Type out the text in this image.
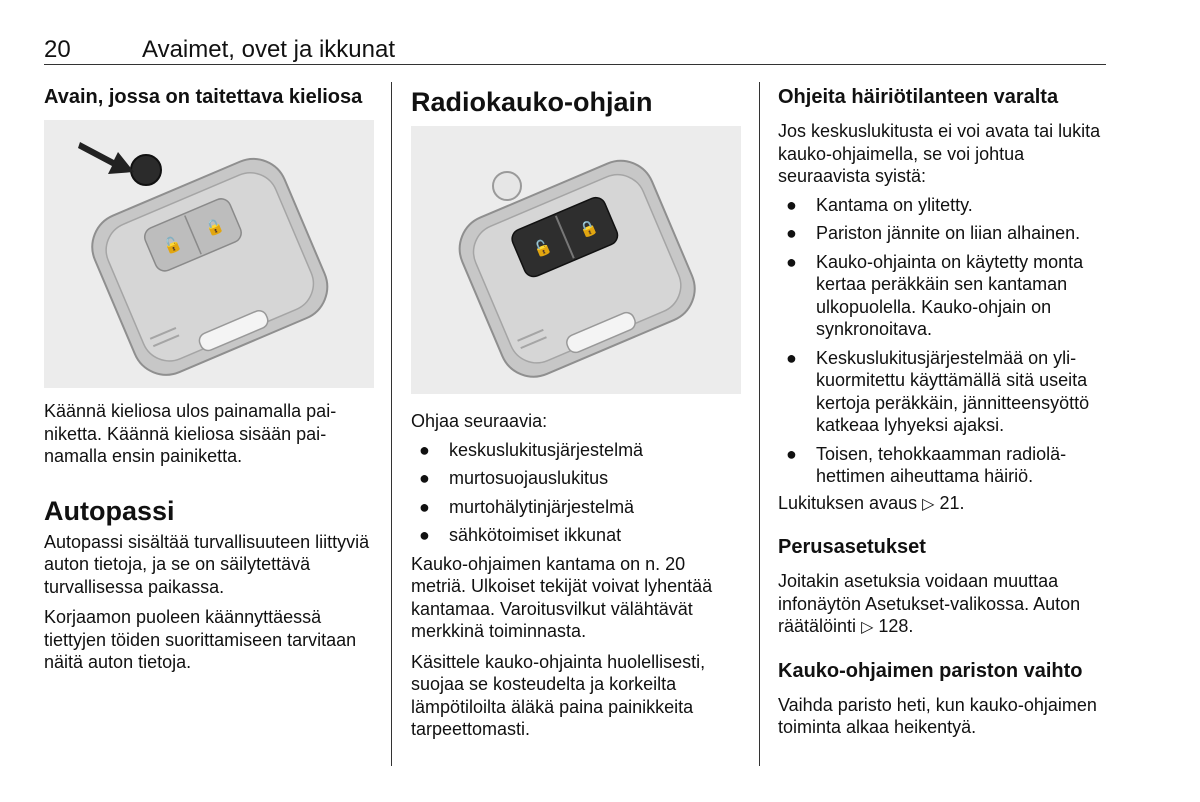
20	Avaimet, ovet ja ikkunat
Avain, jossa on taitettava kieliosa
🔓
🔒

Käännä kieliosa ulos painamalla painiketta. Käännä kieliosa sisään painamalla ensin painiketta.

Autopassi

Autopassi sisältää turvallisuuteen liittyviä auton tietoja, ja se on säilytettävä turvallisessa paikassa.

Korjaamon puoleen käännyttäessä tiettyjen töiden suorittamiseen tarvitaan näitä auton tietoja.

Radiokauko-ohjain
🔓
🔒

Ohjaa seuraavia:

● keskuslukitusjärjestelmä
● murtosuojauslukitus
● murtohälytinjärjestelmä
● sähkötoimiset ikkunat

Kauko-ohjaimen kantama on n. 20 metriä. Ulkoiset tekijät voivat lyhentää kantamaa. Varoitusvilkut välähtävät merkkinä toiminnasta.

Käsittele kauko-ohjainta huolellisesti, suojaa se kosteudelta ja korkeilta lämpötiloilta äläkä paina painikkeita tarpeettomasti.

Ohjeita häiriötilanteen varalta

Jos keskuslukitusta ei voi avata tai lukita kauko-ohjaimella, se voi johtua seuraavista syistä:

● Kantama on ylitetty.
● Pariston jännite on liian alhainen.
● Kauko-ohjainta on käytetty monta kertaa peräkkäin sen kantaman ulkopuolella. Kauko-ohjain on synkronoitava.
● Keskuslukitusjärjestelmää on ylikuormitettu käyttämällä sitä useita kertoja peräkkäin, jännitteensyöttö katkeaa lyhyeksi ajaksi.
● Toisen, tehokkaamman radiolähettimen aiheuttama häiriö.

Lukituksen avaus ▷ 21.

Perusasetukset

Joitakin asetuksia voidaan muuttaa infonäytön Asetukset-valikossa. Auton räätälöinti ▷ 128.

Kauko-ohjaimen pariston vaihto

Vaihda paristo heti, kun kauko-ohjaimen toiminta alkaa heikentyä.
